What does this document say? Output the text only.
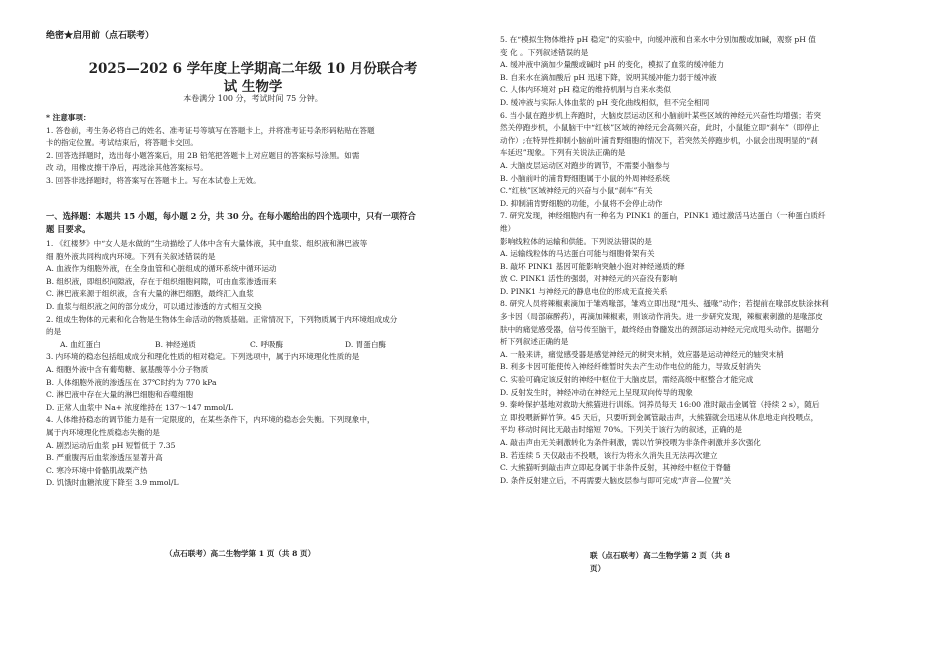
绝密★启用前（点石联考）
2025—202 6 学年度上学期高二年级 10 月份联合考
试 生物学
本卷满分 100 分，考试时间 75 分钟。
* 注意事项：
1. 答卷前，考生务必将自己的姓名、准考证号等填写在答题卡上，并将准考证号条形码粘贴在答题
卡的指定位置。考试结束后，将答题卡交回。
2. 回答选择题时，选出每小题答案后，用 2B 铅笔把答题卡上对应题目的答案标号涂黑。如需
改 动，用橡皮擦干净后，再选涂其他答案标号。
3. 回答非选择题时，将答案写在答题卡上。写在本试卷上无效。
一、选择题：本题共 15 小题，每小题 2 分，共 30 分。在每小题给出的四个选项中，只有一项符合
题 目要求。
1. 《红楼梦》中“女人是水做的”生动描绘了人体中含有大量体液，其中血浆、组织液和淋巴液等
细 胞外液共同构成内环境。下列有关叙述错误的是
A. 血液作为细胞外液，在全身血管和心脏组成的循环系统中循环运动
B. 组织液，即组织间隙液，存在于组织细胞间隙，可由血浆渗透而来
C. 淋巴液来源于组织液，含有大量的淋巴细胞，最终汇入血浆
D. 血浆与组织液之间的部分成分，可以通过渗透的方式相互交换
2. 组成生物体的元素和化合物是生物体生命活动的物质基础。正常情况下，下列物质属于内环境组成成分
的是
A. 血红蛋白	B. 神经递质	C. 呼吸酶	D. 胃蛋白酶
3. 内环境的稳态包括组成成分和理化性质的相对稳定。下列选项中，属于内环境理化性质的是
A. 细胞外液中含有葡萄糖、氨基酸等小分子物质
B. 人体细胞外液的渗透压在 37℃时约为 770 kPa
C. 淋巴液中存在大量的淋巴细胞和吞噬细胞
D. 正常人血浆中 Na+ 浓度维持在 137～147 mmol/L
4. 人体维持稳态的调节能力是有一定限度的，在某些条件下，内环境的稳态会失衡。下列现象中，
属于内环境理化性质稳态失衡的是
A. 剧烈运动后血浆 pH 短暂低于 7.35
B. 严重腹泻后血浆渗透压显著升高
C. 寒冷环境中骨骼肌战栗产热
D. 饥饿时血糖浓度下降至 3.9 mmol/L
（点石联考）高二生物学第 1 页（共 8 页）
5. 在“模拟生物体维持 pH 稳定”的实验中，向缓冲液和自来水中分别加酸或加碱，观察 pH 值
变 化 。下列叙述错误的是
A. 缓冲液中滴加少量酸或碱时 pH 的变化，模拟了血浆的缓冲能力
B. 自来水在滴加酸后 pH 迅速下降，说明其缓冲能力弱于缓冲液
C. 人体内环境对 pH 稳定的维持机制与自来水类似
D. 缓冲液与实际人体血浆的 pH 变化曲线相似，但不完全相同
6. 当小鼠在跑步机上奔跑时，大脑皮层运动区和小脑前叶某些区域的神经元兴奋性均增强；若突
然关停跑步机，小鼠脑干中“红核”区域的神经元会高频兴奋，此时，小鼠能立即“刹车”（即停止
动作）;在特异性抑制小脑前叶浦肯野细胞的情况下，若突然关停跑步机，小鼠会出现明显的“刹
车延迟”现象。下列有关说法正确的是
A. 大脑皮层运动区对跑步的调节，不需要小脑参与
B. 小脑前叶的浦肯野细胞属于小鼠的外周神经系统
C.“红核”区域神经元的兴奋与小鼠“刹车”有关
D. 抑制浦肯野细胞的功能，小鼠将不会停止动作
7. 研究发现，神经细胞内有一种名为 PINK1 的蛋白，PINK1 通过激活马达蛋白（一种蛋白质纤
维）
影响线粒体的运输和供能。下列说法错误的是
A. 运输线粒体的马达蛋白可能与细胞骨架有关
B. 敲坏 PINK1 基因可能影响突触小泡对神经递质的释
放 C. PINK1 活性的强弱，对神经元的兴奋没有影响
D. PINK1 与神经元的静息电位的形成无直接关系
8. 研究人员将辣椒素滴加于雏鸡喙部，雏鸡立即出现“甩头、搔喙”动作；若提前在喙部皮肤涂抹利
多卡因（局部麻醉药），再滴加辣椒素，则该动作消失。进一步研究发现，辣椒素刺激的是喙部皮
肤中的痛觉感受器，信号传至脑干，最终经由脊髓发出的颈部运动神经元完成甩头动作。据题分
析下列叙述正确的是
A. 一般来讲，痛觉感受器是感觉神经元的树突末梢，效应器是运动神经元的轴突末梢
B. 利多卡因可能使传入神经纤维暂时失去产生动作电位的能力，导致反射消失
C. 实验可确定该反射的神经中枢位于大脑皮层，需经高级中枢整合才能完成
D. 反射发生时，神经冲动在神经元上呈现双向传导的现象
9. 秦岭保护基地对救助大熊猫进行训练。饲养员每天 16:00 准时敲击金属管（持续 2 s），随后
立 即投喂新鲜竹笋。45 天后，只要听到金属管敲击声，大熊猫就会迅速从休息地走向投喂点，
平均 移动时间比无敲击时缩短 70%。下列关于该行为的叙述，正确的是
A. 敲击声由无关刺激转化为条件刺激，需以竹笋投喂为非条件刺激并多次强化
B. 若连续 5 天仅敲击不投喂，该行为将永久消失且无法再次建立
C. 大熊猫听到敲击声立即起身属于非条件反射，其神经中枢位于脊髓
D. 条件反射建立后，不再需要大脑皮层参与即可完成“声音—位置”关
联（点石联考）高二生物学第 2 页（共 8
页）
